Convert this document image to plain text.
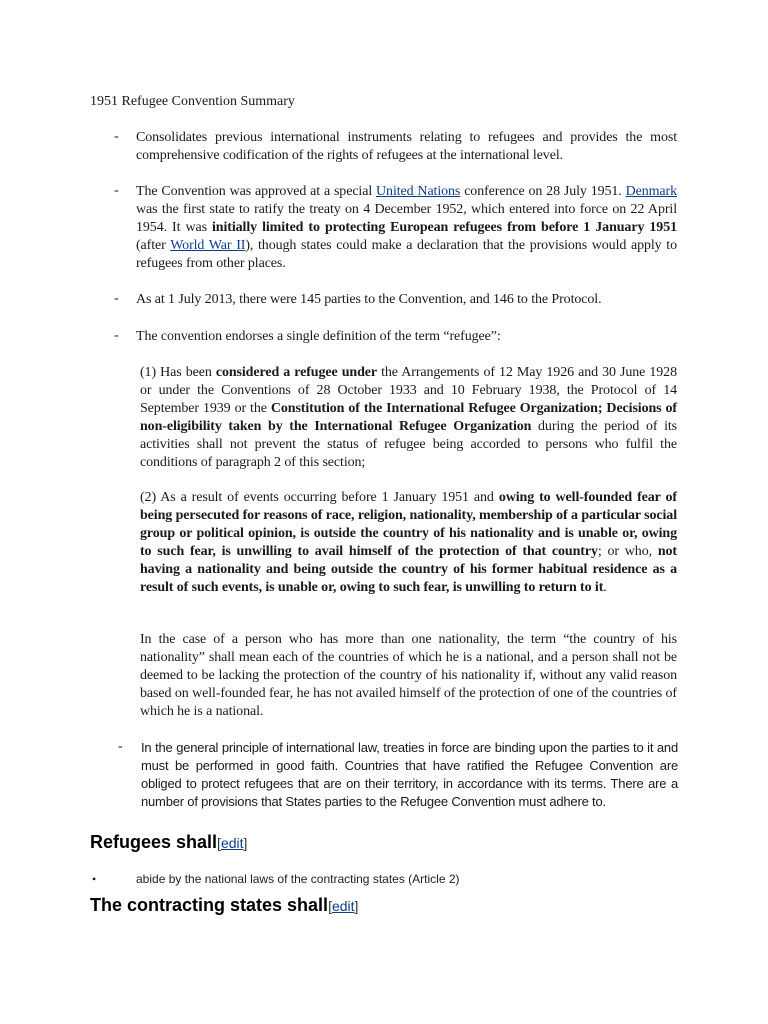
1951 Refugee Convention Summary
- Consolidates previous international instruments relating to refugees and provides the most comprehensive codification of the rights of refugees at the international level.
- The Convention was approved at a special United Nations conference on 28 July 1951. Denmark was the first state to ratify the treaty on 4 December 1952, which entered into force on 22 April 1954. It was initially limited to protecting European refugees from before 1 January 1951 (after World War II), though states could make a declaration that the provisions would apply to refugees from other places.
- As at 1 July 2013, there were 145 parties to the Convention, and 146 to the Protocol.
- The convention endorses a single definition of the term “refugee”:
(1) Has been considered a refugee under the Arrangements of 12 May 1926 and 30 June 1928 or under the Conventions of 28 October 1933 and 10 February 1938, the Protocol of 14 September 1939 or the Constitution of the International Refugee Organization; Decisions of non-eligibility taken by the International Refugee Organization during the period of its activities shall not prevent the status of refugee being accorded to persons who fulfil the conditions of paragraph 2 of this section;
(2) As a result of events occurring before 1 January 1951 and owing to well-founded fear of being persecuted for reasons of race, religion, nationality, membership of a particular social group or political opinion, is outside the country of his nationality and is unable or, owing to such fear, is unwilling to avail himself of the protection of that country; or who, not having a nationality and being outside the country of his former habitual residence as a result of such events, is unable or, owing to such fear, is unwilling to return to it.
In the case of a person who has more than one nationality, the term “the country of his nationality” shall mean each of the countries of which he is a national, and a person shall not be deemed to be lacking the protection of the country of his nationality if, without any valid reason based on well-founded fear, he has not availed himself of the protection of one of the countries of which he is a national.
- In the general principle of international law, treaties in force are binding upon the parties to it and must be performed in good faith. Countries that have ratified the Refugee Convention are obliged to protect refugees that are on their territory, in accordance with its terms. There are a number of provisions that States parties to the Refugee Convention must adhere to.
Refugees shall[edit]
•	abide by the national laws of the contracting states (Article 2)
The contracting states shall[edit]
